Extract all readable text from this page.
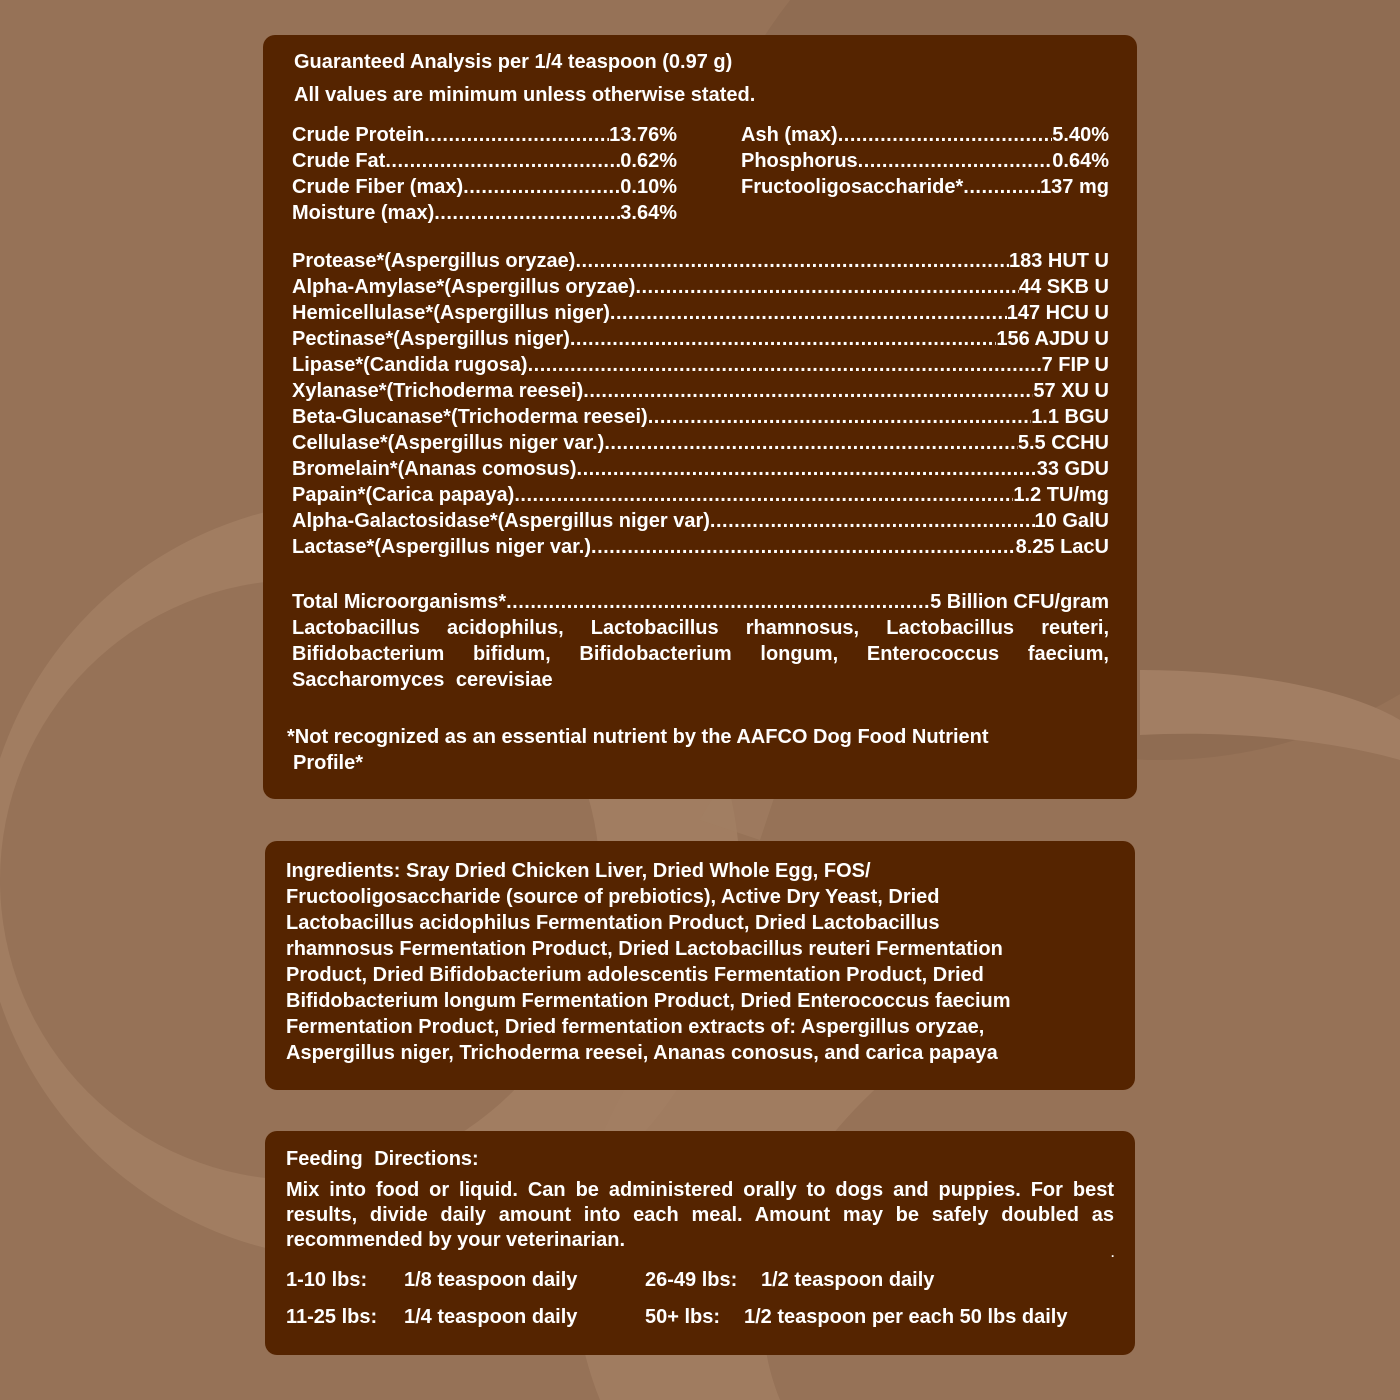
Guaranteed Analysis per 1/4 teaspoon (0.97 g)
All values are minimum unless otherwise stated.
Crude Protein .....	13.76%
Crude Fat .....	0.62%
Crude Fiber (max) .....	0.10%
Moisture (max) .....	3.64%
Ash (max) .....	5.40%
Phosphorus .....	0.64%
Fructooligosaccharide* .....	137 mg
Protease*(Aspergillus oryzae) .....	183 HUT U
Alpha-Amylase*(Aspergillus oryzae) .....	44 SKB U
Hemicellulase*(Aspergillus niger) .....	147 HCU U
Pectinase*(Aspergillus niger) .....	156 AJDU U
Lipase*(Candida rugosa) .....	7 FIP U
Xylanase*(Trichoderma reesei) .....	57 XU U
Beta-Glucanase*(Trichoderma reesei) .....	1.1 BGU
Cellulase*(Aspergillus niger var.) .....	5.5 CCHU
Bromelain*(Ananas comosus) .....	33 GDU
Papain*(Carica papaya) .....	1.2 TU/mg
Alpha-Galactosidase*(Aspergillus niger var) .....	10 GalU
Lactase*(Aspergillus niger var.) .....	8.25 LacU
Total Microorganisms* .....	5 Billion CFU/gram
Lactobacillus acidophilus, Lactobacillus rhamnosus, Lactobacillus reuteri,
Bifidobacterium bifidum, Bifidobacterium longum, Enterococcus faecium,
Saccharomyces cerevisiae
*Not recognized as an essential nutrient by the AAFCO Dog Food Nutrient
Profile*
Ingredients: Sray Dried Chicken Liver, Dried Whole Egg, FOS/
Fructooligosaccharide (source of prebiotics), Active Dry Yeast, Dried
Lactobacillus acidophilus Fermentation Product, Dried Lactobacillus
rhamnosus Fermentation Product, Dried Lactobacillus reuteri Fermentation
Product, Dried Bifidobacterium adolescentis Fermentation Product, Dried
Bifidobacterium longum Fermentation Product, Dried Enterococcus faecium
Fermentation Product, Dried fermentation extracts of: Aspergillus oryzae,
Aspergillus niger, Trichoderma reesei, Ananas conosus, and carica papaya
Feeding Directions:
Mix into food or liquid. Can be administered orally to dogs and puppies. For best results, divide daily amount into each meal. Amount may be safely doubled as recommended by your veterinarian.
.
1-10 lbs: 1/8 teaspoon daily	26-49 lbs: 1/2 teaspoon daily
11-25 lbs: 1/4 teaspoon daily	50+ lbs: 1/2 teaspoon per each 50 lbs daily
